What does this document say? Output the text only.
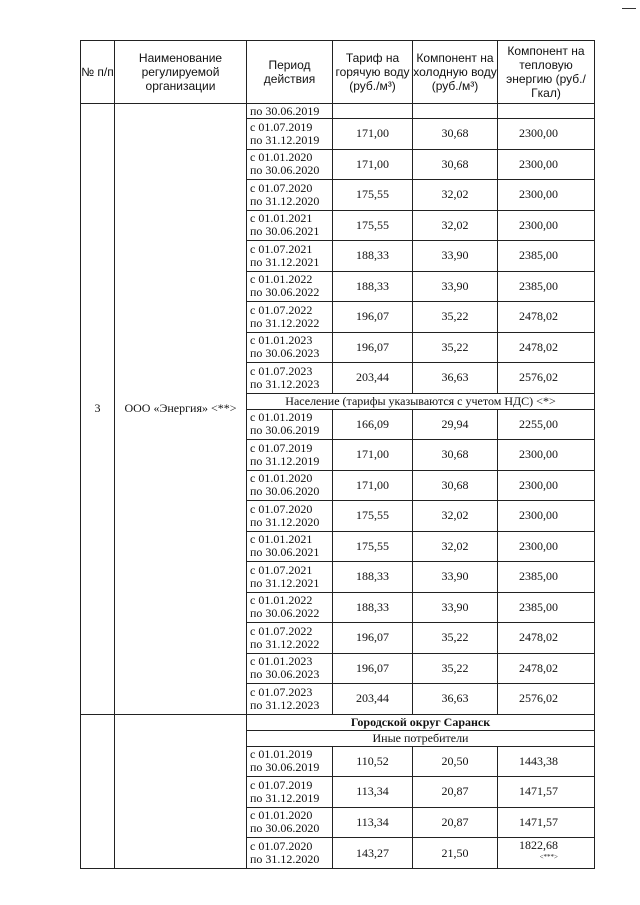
№ п/п	Наименование регулируемой организации	Период действия	Тариф на горячую воду (руб./м³)	Компонент на холодную воду (руб./м³)	Компонент на тепловую энергию (руб./Гкал)
3	ООО «Энергия» <**>	по 30.06.2019			

		с 01.07.2019
по 31.12.2019	171,00	30,68	2300,00

		с 01.01.2020
по 30.06.2020	171,00	30,68	2300,00

		с 01.07.2020
по 31.12.2020	175,55	32,02	2300,00

		с 01.01.2021
по 30.06.2021	175,55	32,02	2300,00

		с 01.07.2021
по 31.12.2021	188,33	33,90	2385,00

		с 01.01.2022
по 30.06.2022	188,33	33,90	2385,00

		с 01.07.2022
по 31.12.2022	196,07	35,22	2478,02

		с 01.01.2023
по 30.06.2023	196,07	35,22	2478,02

		с 01.07.2023
по 31.12.2023	203,44	36,63	2576,02
		Население (тарифы указываются с учетом НДС) <*>			

		с 01.01.2019
по 30.06.2019	166,09	29,94	2255,00

		с 01.07.2019
по 31.12.2019	171,00	30,68	2300,00

		с 01.01.2020
по 30.06.2020	171,00	30,68	2300,00

		с 01.07.2020
по 31.12.2020	175,55	32,02	2300,00

		с 01.01.2021
по 30.06.2021	175,55	32,02	2300,00

		с 01.07.2021
по 31.12.2021	188,33	33,90	2385,00

		с 01.01.2022
по 30.06.2022	188,33	33,90	2385,00

		с 01.07.2022
по 31.12.2022	196,07	35,22	2478,02

		с 01.01.2023
по 30.06.2023	196,07	35,22	2478,02

		с 01.07.2023
по 31.12.2023	203,44	36,63	2576,02
		Городской округ Саранск			
		Иные потребители			

		с 01.01.2019
по 30.06.2019	110,52	20,50	1443,38

		с 01.07.2019
по 31.12.2019	113,34	20,87	1471,57

		с 01.01.2020
по 30.06.2020	113,34	20,87	1471,57

		с 01.07.2020
по 31.12.2020	143,27	21,50	1822,68 <***>
